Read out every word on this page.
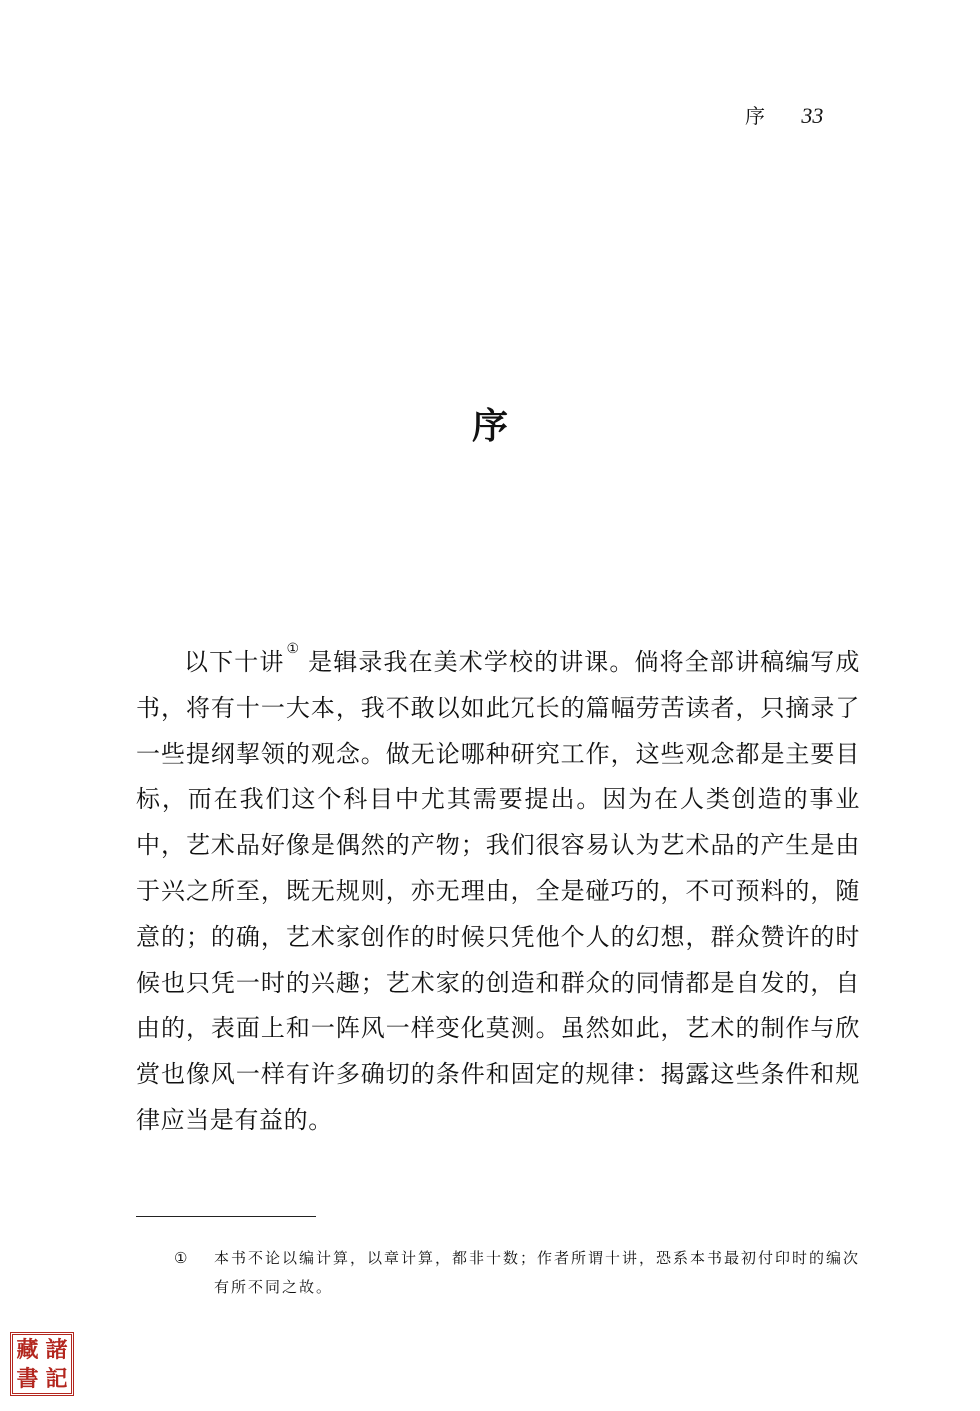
序 33
序

以下十讲 ① 是辑录我在美术学校的讲课。倘将全部讲稿编写成书，将有十一大本，我不敢以如此冗长的篇幅劳苦读者，只摘录了一些提纲挈领的观念。做无论哪种研究工作，这些观念都是主要目标，而在我们这个科目中尤其需要提出。因为在人类创造的事业中，艺术品好像是偶然的产物；我们很容易认为艺术品的产生是由于兴之所至，既无规则，亦无理由，全是碰巧的，不可预料的，随意的；的确，艺术家创作的时候只凭他个人的幻想，群众赞许的时候也只凭一时的兴趣；艺术家的创造和群众的同情都是自发的，自由的，表面上和一阵风一样变化莫测。虽然如此，艺术的制作与欣赏也像风一样有许多确切的条件和固定的规律：揭露这些条件和规律应当是有益的。

① 本书不论以编计算，以章计算，都非十数；作者所谓十讲，恐系本书最初付印时的编次有所不同之故。

藏 諸
書 記
